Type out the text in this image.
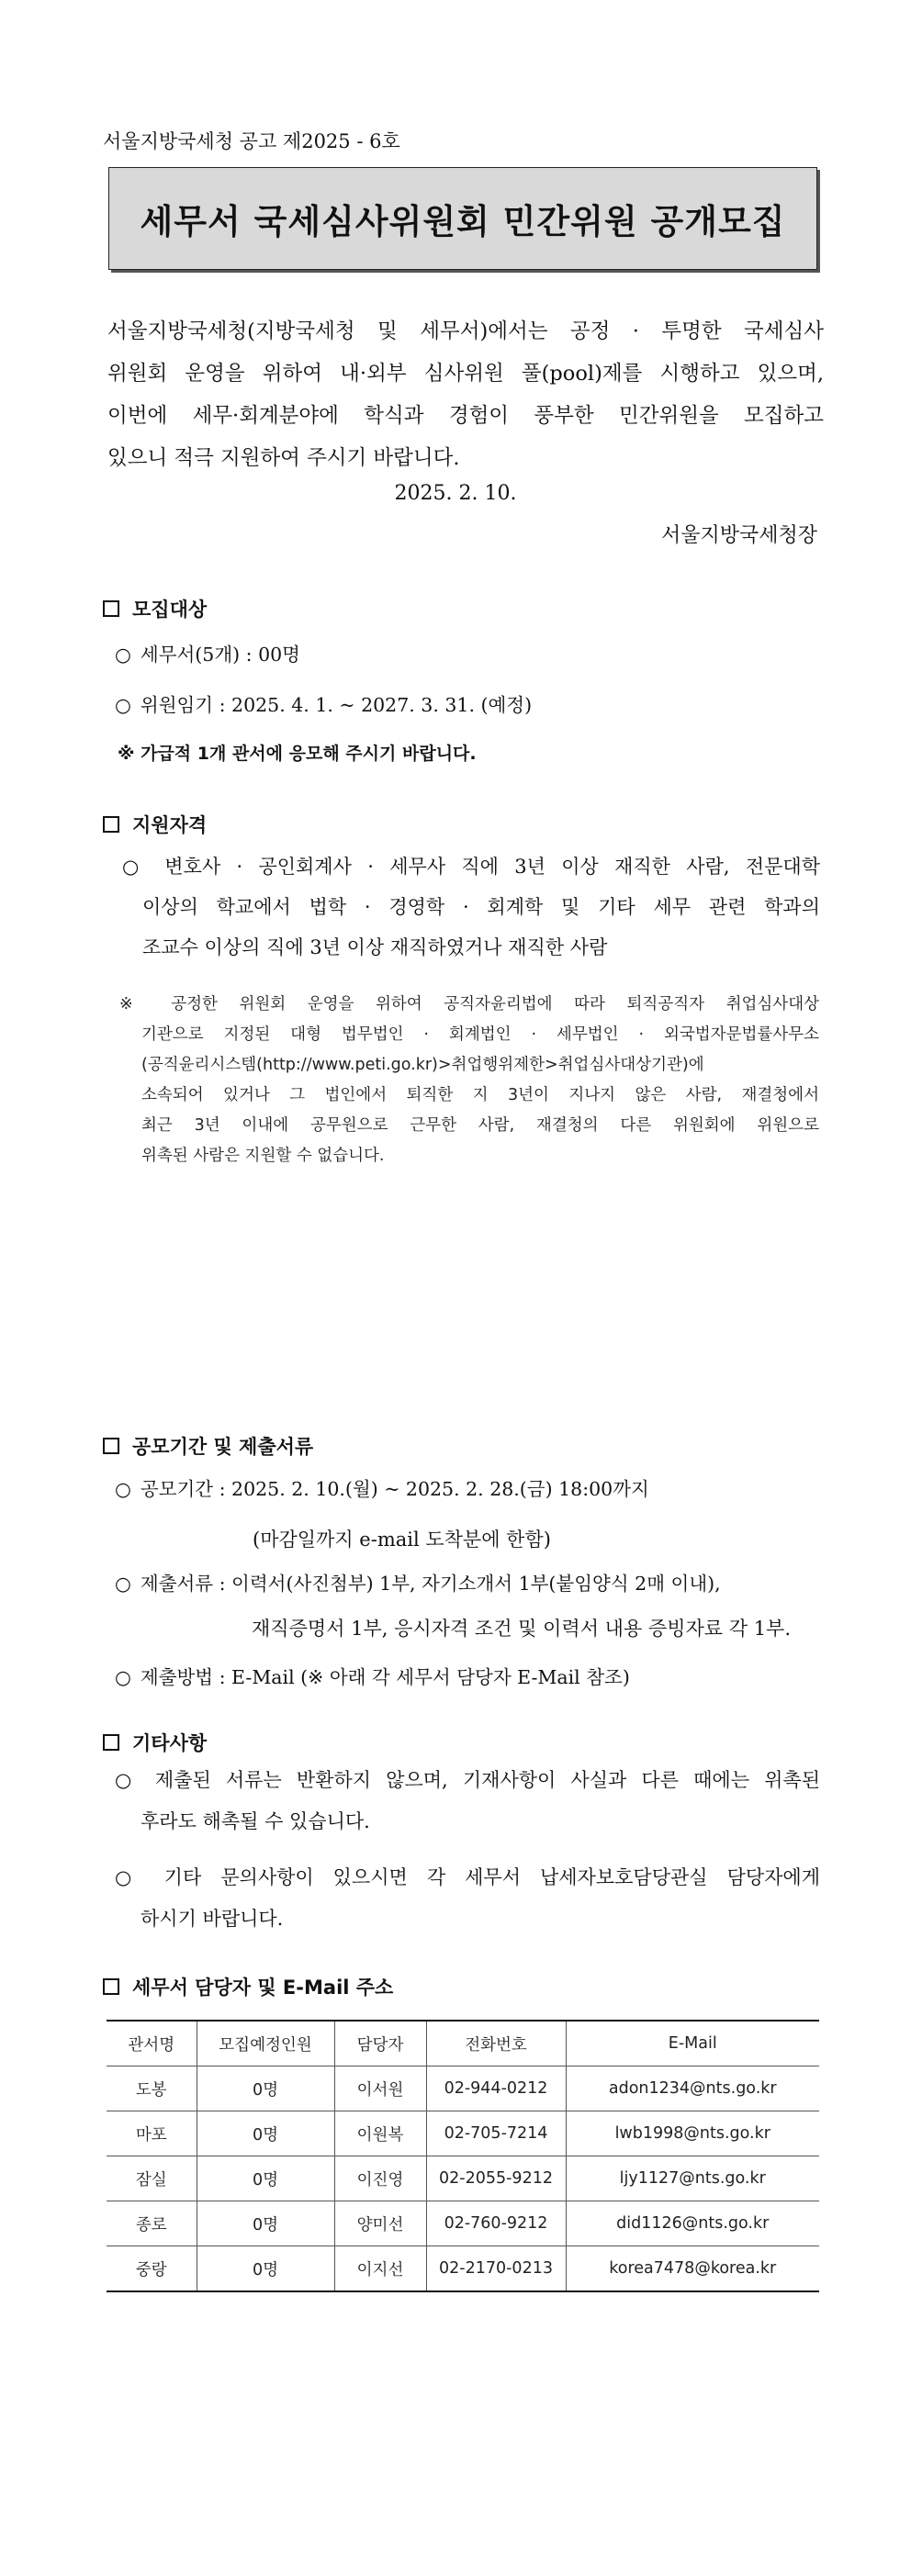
서울지방국세청 공고 제2025 - 6호
세무서 국세심사위원회 민간위원 공개모집
서울지방국세청(지방국세청 및 세무서)에서는 공정 · 투명한 국세심사
위원회 운영을 위하여 내·외부 심사위원 풀(pool)제를 시행하고 있으며,
이번에 세무·회계분야에 학식과 경험이 풍부한 민간위원을 모집하고
있으니 적극 지원하여 주시기 바랍니다.
2025. 2. 10.
서울지방국세청장
모집대상
○ 세무서(5개) : 00명
○ 위원임기 : 2025. 4. 1. ~ 2027. 3. 31. (예정)
※ 가급적 1개 관서에 응모해 주시기 바랍니다.
지원자격
○ 변호사 · 공인회계사 · 세무사 직에 3년 이상 재직한 사람, 전문대학
이상의 학교에서 법학 · 경영학 · 회계학 및 기타 세무 관련 학과의
조교수 이상의 직에 3년 이상 재직하였거나 재직한 사람
※ 공정한 위원회 운영을 위하여 공직자윤리법에 따라 퇴직공직자 취업심사대상
기관으로 지정된 대형 법무법인 · 회계법인 · 세무법인 · 외국법자문법률사무소
(공직윤리시스템(http://www.peti.go.kr)>취업행위제한>취업심사대상기관)에
소속되어 있거나 그 법인에서 퇴직한 지 3년이 지나지 않은 사람, 재결청에서
최근 3년 이내에 공무원으로 근무한 사람, 재결청의 다른 위원회에 위원으로
위촉된 사람은 지원할 수 없습니다.
공모기간 및 제출서류
○ 공모기간 : 2025. 2. 10.(월) ~ 2025. 2. 28.(금) 18:00까지
(마감일까지 e-mail 도착분에 한함)
○ 제출서류 : 이력서(사진첨부) 1부, 자기소개서 1부(붙임양식 2매 이내),
재직증명서 1부, 응시자격 조건 및 이력서 내용 증빙자료 각 1부.
○ 제출방법 : E-Mail (※ 아래 각 세무서 담당자 E-Mail 참조)
기타사항
○ 제출된 서류는 반환하지 않으며, 기재사항이 사실과 다른 때에는 위촉된
후라도 해촉될 수 있습니다.
○ 기타 문의사항이 있으시면 각 세무서 납세자보호담당관실 담당자에게
하시기 바랍니다.
세무서 담당자 및 E-Mail 주소
관서명	모집예정인원	담당자	전화번호	E-Mail
도봉	0명	이서원	02-944-0212	adon1234@nts.go.kr
마포	0명	이원복	02-705-7214	lwb1998@nts.go.kr
잠실	0명	이진영	02-2055-9212	ljy1127@nts.go.kr
종로	0명	양미선	02-760-9212	did1126@nts.go.kr
중랑	0명	이지선	02-2170-0213	korea7478@korea.kr
